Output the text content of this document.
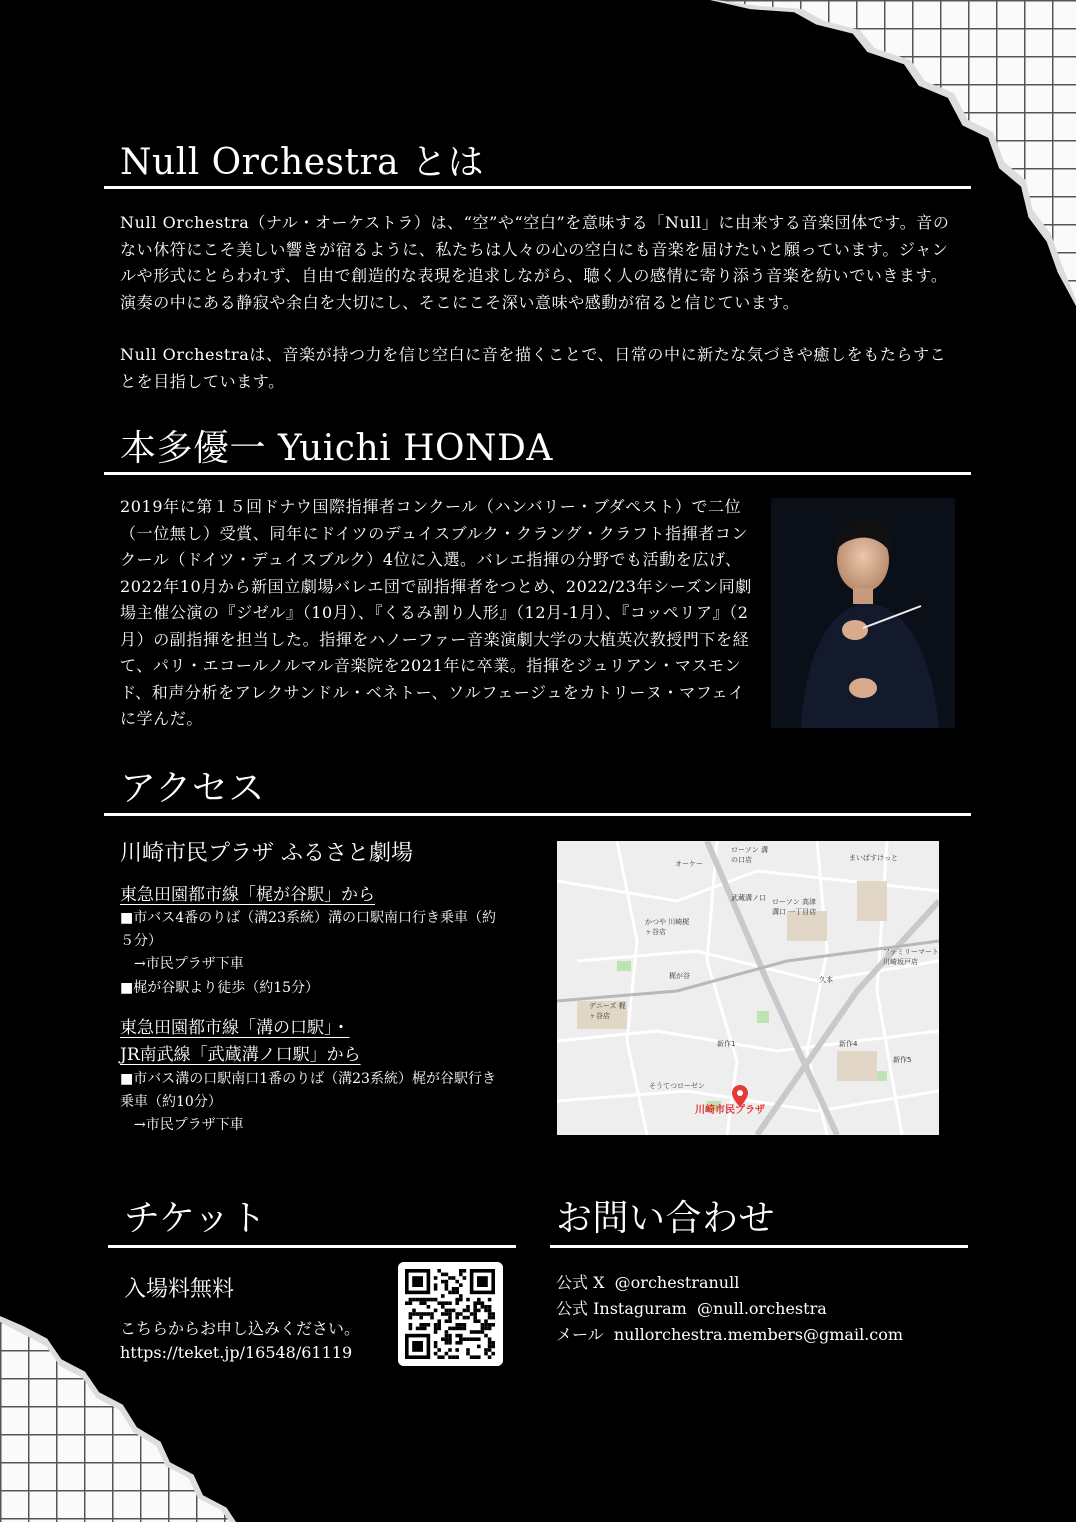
Null Orchestra とは

Null Orchestra（ナル・オーケストラ）は、“空”や“空白”を意味する「Null」に由来する音楽団体です。音のない休符にこそ美しい響きが宿るように、私たちは人々の心の空白にも音楽を届けたいと願っています。ジャンルや形式にとらわれず、自由で創造的な表現を追求しながら、聴く人の感情に寄り添う音楽を紡いでいきます。演奏の中にある静寂や余白を大切にし、そこにこそ深い意味や感動が宿ると信じています。

Null Orchestraは、音楽が持つ力を信じ空白に音を描くことで、日常の中に新たな気づきや癒しをもたらすことを目指しています。

本多優一 Yuichi HONDA

2019年に第１５回ドナウ国際指揮者コンクール（ハンバリー・ブダペスト）で二位（一位無し）受賞、同年にドイツのデュイスブルク・クラング・クラフト指揮者コンクール（ドイツ・デュイスブルク）4位に入選。バレエ指揮の分野でも活動を広げ、2022年10月から新国立劇場バレエ団で副指揮者をつとめ、2022/23年シーズン同劇場主催公演の『ジゼル』（10月）、『くるみ割り人形』（12月-1月）、『コッペリア』（2月）の副指揮を担当した。指揮をハノーファー音楽演劇大学の大植英次教授門下を経て、パリ・エコールノルマル音楽院を2021年に卒業。指揮をジュリアン・マスモンド、和声分析をアレクサンドル・ベネトー、ソルフェージュをカトリーヌ・マフェイに学んだ。

アクセス
川崎市民プラザ ふるさと劇場
東急田園都市線「梶が谷駅」から

■市バス4番のりば（溝23系統）溝の口駅南口行き乗車（約５分）

→市民プラザ下車

■梶が谷駅より徒歩（約15分）

東急田園都市線「溝の口駅」・
JR南武線「武蔵溝ノ口駅」から

■市バス溝の口駅南口1番のりば（溝23系統）梶が谷駅行き乗車（約10分）

→市民プラザ下車

オーケー
ローソン 溝の口店	まいばすけっと
武蔵溝ノ口 ローソン 高津溝口 一丁目店
かつや 川崎梶ヶ谷店
梶が谷
ファミリーマート 川崎坂戸店
久本
デニーズ 梶ヶ谷店
新作1	新作4
新作5
そうてつローゼン
川崎市民プラザ
チケット
入場料無料
こちらからお申し込みください。
https://teket.jp/16548/61119
お問い合わせ

公式 X @orchestranull

公式 Instaguram @null.orchestra

メール nullorchestra.members@gmail.com
